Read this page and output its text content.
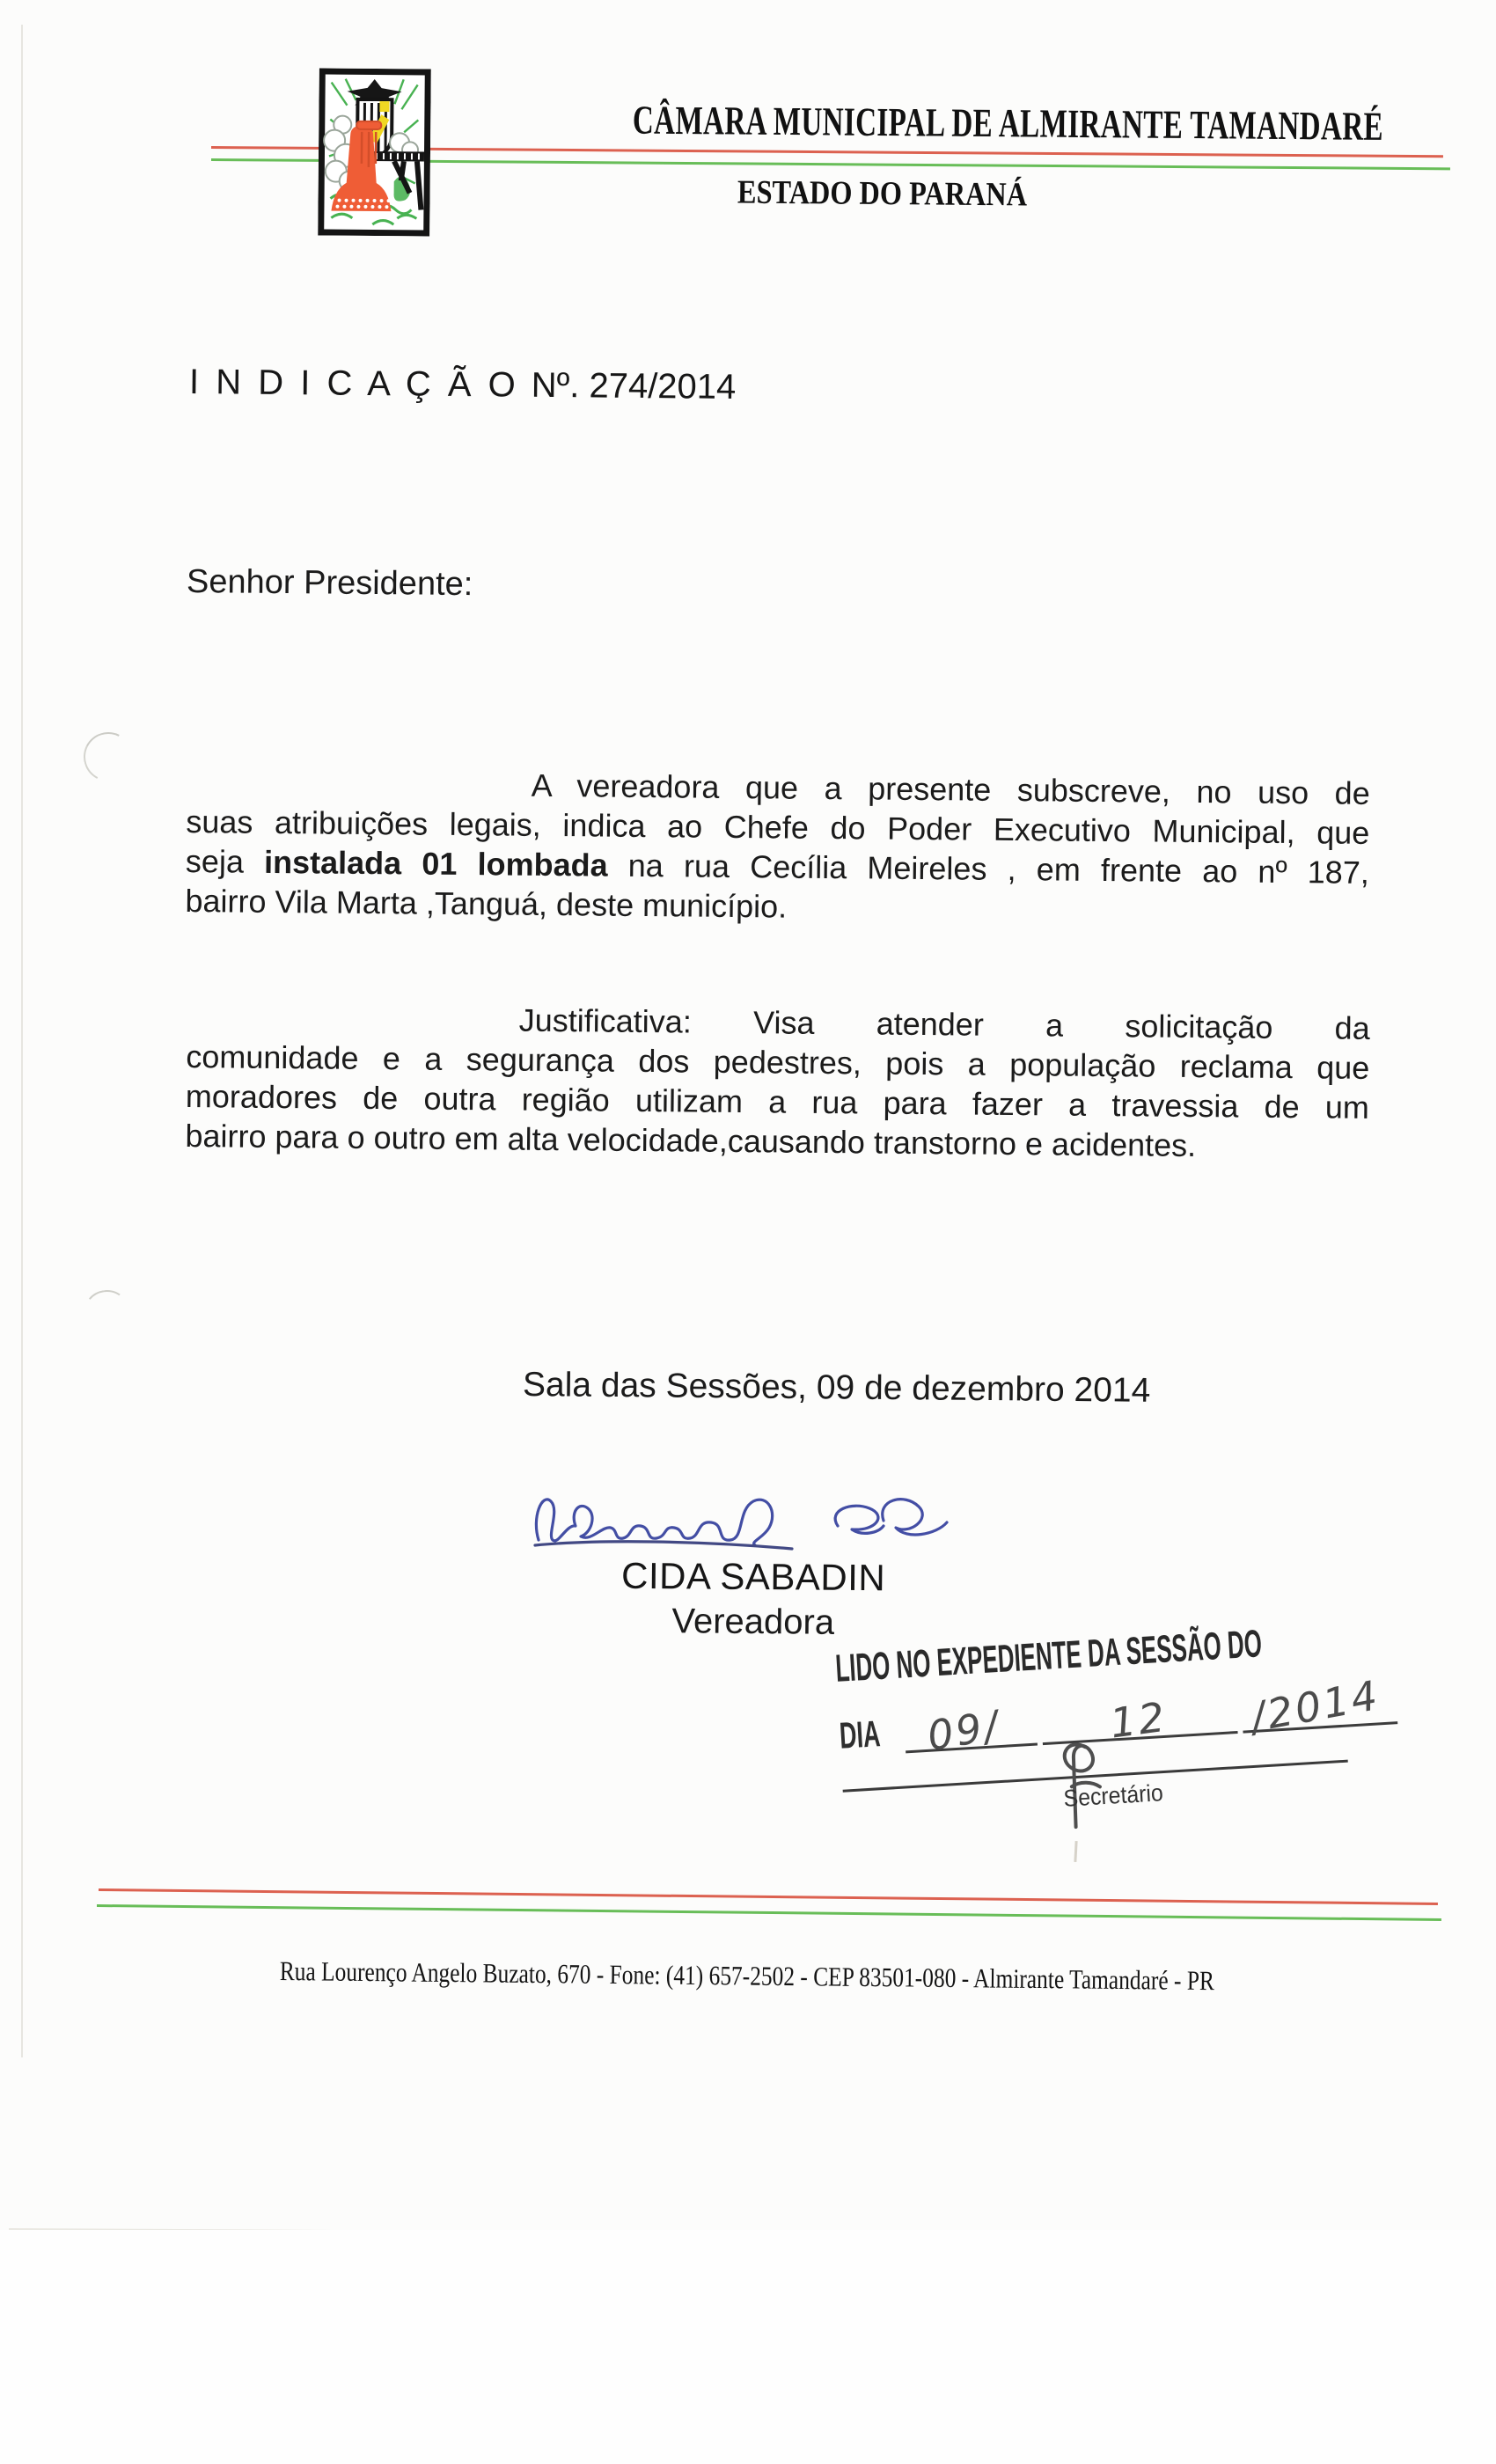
CÂMARA MUNICIPAL DE ALMIRANTE TAMANDARÉ
ESTADO DO PARANÁ
I N D I C A Ç Ã O Nº. 274/2014
Senhor Presidente:
A vereadora que a presente subscreve, no uso de
suas atribuições legais, indica ao Chefe do Poder Executivo Municipal, que
seja instalada 01 lombada na rua Cecília Meireles , em frente ao nº 187,
bairro Vila Marta ,Tanguá, deste município.
Justificativa: Visa atender a solicitação da
comunidade e a segurança dos pedestres, pois a população reclama que
moradores de outra região utilizam a rua para fazer a travessia de um
bairro para o outro em alta velocidade,causando transtorno e acidentes.
Sala das Sessões, 09 de dezembro 2014
CIDA SABADIN
Vereadora
LIDO NO EXPEDIENTE DA SESSÃO DO
DIA 09/	12 /2014
Secretário
Rua Lourenço Angelo Buzato, 670 - Fone: (41) 657-2502 - CEP 83501-080 - Almirante Tamandaré - PR
